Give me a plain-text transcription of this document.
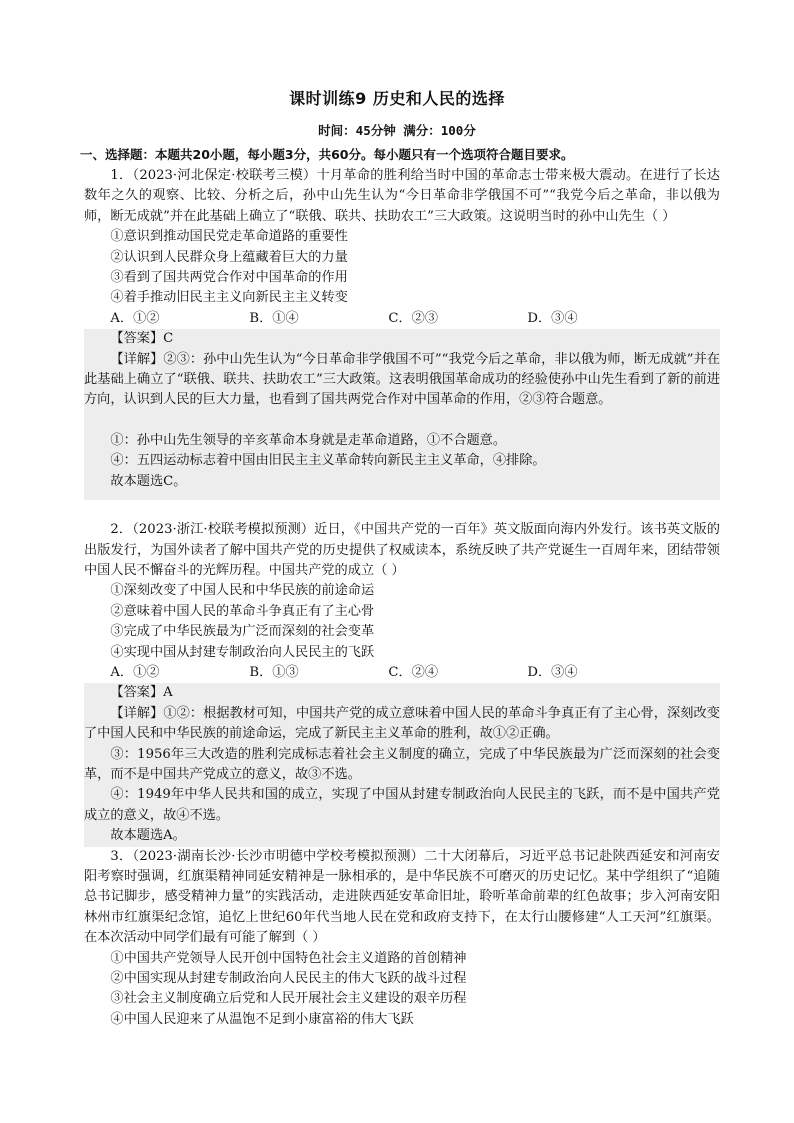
课时训练9 历史和人民的选择
时间：45分钟 满分：100分
一、选择题：本题共20小题，每小题3分，共60分。每小题只有一个选项符合题目要求。

1．（2023·河北保定·校联考三模）十月革命的胜利给当时中国的革命志士带来极大震动。在进行了长达数年之久的观察、比较、分析之后，孙中山先生认为“今日革命非学俄国不可”“我党今后之革命，非以俄为师，断无成就”并在此基础上确立了“联俄、联共、扶助农工”三大政策。这说明当时的孙中山先生（ ）

①意识到推动国民党走革命道路的重要性

②认识到人民群众身上蕴藏着巨大的力量

③看到了国共两党合作对中国革命的作用

④着手推动旧民主主义向新民主主义转变

A．①②	B．①④	C．②③	D．③④

【答案】C

【详解】②③：孙中山先生认为“今日革命非学俄国不可”“我党今后之革命，非以俄为师，断无成就”并在此基础上确立了“联俄、联共、扶助农工”三大政策。这表明俄国革命成功的经验使孙中山先生看到了新的前进方向，认识到人民的巨大力量，也看到了国共两党合作对中国革命的作用，②③符合题意。

①：孙中山先生领导的辛亥革命本身就是走革命道路，①不合题意。

④：五四运动标志着中国由旧民主主义革命转向新民主主义革命，④排除。

故本题选C。

2．（2023·浙江·校联考模拟预测）近日，《中国共产党的一百年》英文版面向海内外发行。该书英文版的出版发行，为国外读者了解中国共产党的历史提供了权威读本，系统反映了共产党诞生一百周年来，团结带领中国人民不懈奋斗的光辉历程。中国共产党的成立（ ）

①深刻改变了中国人民和中华民族的前途命运

②意味着中国人民的革命斗争真正有了主心骨

③完成了中华民族最为广泛而深刻的社会变革

④实现中国从封建专制政治向人民民主的飞跃

A．①②	B．①③	C．②④	D．③④

【答案】A

【详解】①②：根据教材可知，中国共产党的成立意味着中国人民的革命斗争真正有了主心骨，深刻改变了中国人民和中华民族的前途命运，完成了新民主主义革命的胜利，故①②正确。

③：1956年三大改造的胜利完成标志着社会主义制度的确立，完成了中华民族最为广泛而深刻的社会变革，而不是中国共产党成立的意义，故③不选。

④：1949年中华人民共和国的成立，实现了中国从封建专制政治向人民民主的飞跃，而不是中国共产党成立的意义，故④不选。

故本题选A。

3．（2023·湖南长沙·长沙市明德中学校考模拟预测）二十大闭幕后，习近平总书记赴陕西延安和河南安阳考察时强调，红旗渠精神同延安精神是一脉相承的，是中华民族不可磨灭的历史记忆。某中学组织了“追随总书记脚步，感受精神力量”的实践活动，走进陕西延安革命旧址，聆听革命前辈的红色故事；步入河南安阳林州市红旗渠纪念馆，追忆上世纪60年代当地人民在党和政府支持下，在太行山腰修建“人工天河”红旗渠。在本次活动中同学们最有可能了解到（ ）

①中国共产党领导人民开创中国特色社会主义道路的首创精神

②中国实现从封建专制政治向人民民主的伟大飞跃的战斗过程

③社会主义制度确立后党和人民开展社会主义建设的艰辛历程

④中国人民迎来了从温饱不足到小康富裕的伟大飞跃
